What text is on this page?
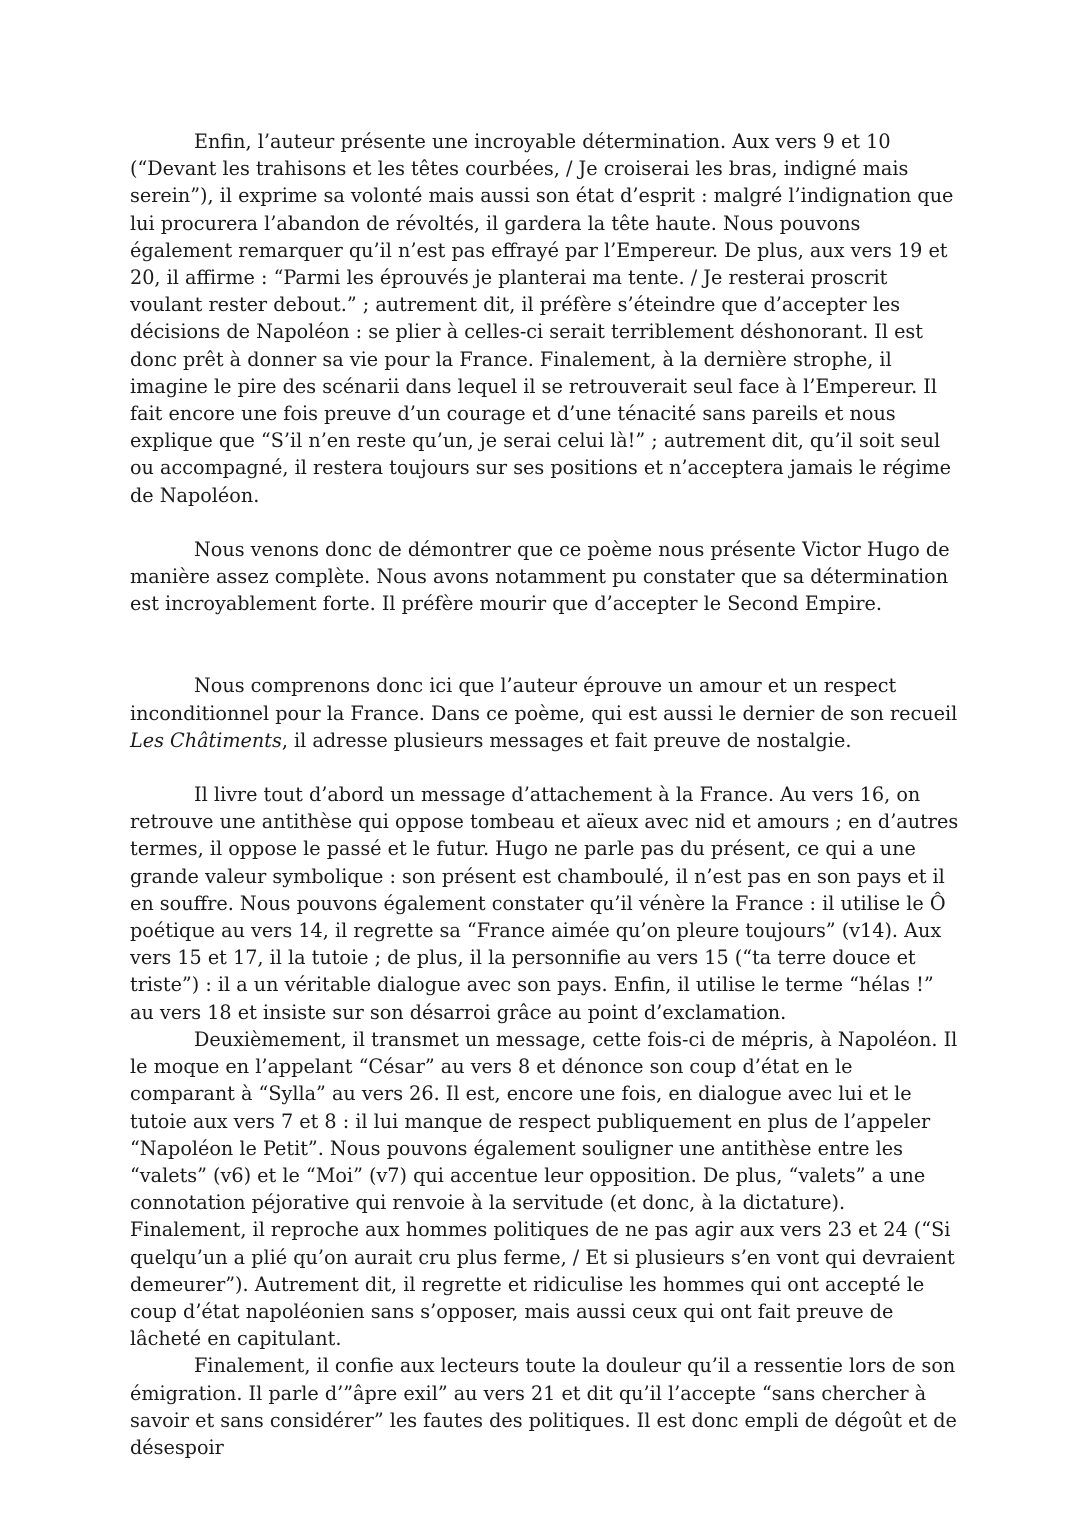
Enfin, l’auteur présente une incroyable détermination. Aux vers 9 et 10 (“Devant les trahisons et les têtes courbées, / Je croiserai les bras, indigné mais serein”), il exprime sa volonté mais aussi son état d’esprit : malgré l’indignation que lui procurera l’abandon de révoltés, il gardera la tête haute. Nous pouvons également remarquer qu’il n’est pas effrayé par l’Empereur. De plus, aux vers 19 et 20, il affirme : “Parmi les éprouvés je planterai ma tente. / Je resterai proscrit voulant rester debout.” ; autrement dit, il préfère s’éteindre que d’accepter les décisions de Napoléon : se plier à celles-ci serait terriblement déshonorant. Il est donc prêt à donner sa vie pour la France. Finalement, à la dernière strophe, il imagine le pire des scénarii dans lequel il se retrouverait seul face à l’Empereur. Il fait encore une fois preuve d’un courage et d’une ténacité sans pareils et nous explique que “S’il n’en reste qu’un, je serai celui là!” ; autrement dit, qu’il soit seul ou accompagné, il restera toujours sur ses positions et n’acceptera jamais le régime de Napoléon.

Nous venons donc de démontrer que ce poème nous présente Victor Hugo de manière assez complète. Nous avons notamment pu constater que sa détermination est incroyablement forte. Il préfère mourir que d’accepter le Second Empire.

Nous comprenons donc ici que l’auteur éprouve un amour et un respect inconditionnel pour la France. Dans ce poème, qui est aussi le dernier de son recueil Les Châtiments, il adresse plusieurs messages et fait preuve de nostalgie.

Il livre tout d’abord un message d’attachement à la France. Au vers 16, on retrouve une antithèse qui oppose tombeau et aïeux avec nid et amours ; en d’autres termes, il oppose le passé et le futur. Hugo ne parle pas du présent, ce qui a une grande valeur symbolique : son présent est chamboulé, il n’est pas en son pays et il en souffre. Nous pouvons également constater qu’il vénère la France : il utilise le Ô poétique au vers 14, il regrette sa “France aimée qu’on pleure toujours” (v14). Aux vers 15 et 17, il la tutoie ; de plus, il la personnifie au vers 15 (“ta terre douce et triste”) : il a un véritable dialogue avec son pays. Enfin, il utilise le terme “hélas !” au vers 18 et insiste sur son désarroi grâce au point d’exclamation.

Deuxièmement, il transmet un message, cette fois-ci de mépris, à Napoléon. Il le moque en l’appelant “César” au vers 8 et dénonce son coup d’état en le comparant à “Sylla” au vers 26. Il est, encore une fois, en dialogue avec lui et le tutoie aux vers 7 et 8 : il lui manque de respect publiquement en plus de l’appeler “Napoléon le Petit”. Nous pouvons également souligner une antithèse entre les “valets” (v6) et le “Moi” (v7) qui accentue leur opposition. De plus, “valets” a une connotation péjorative qui renvoie à la servitude (et donc, à la dictature). Finalement, il reproche aux hommes politiques de ne pas agir aux vers 23 et 24 (“Si quelqu’un a plié qu’on aurait cru plus ferme, / Et si plusieurs s’en vont qui devraient demeurer”). Autrement dit, il regrette et ridiculise les hommes qui ont accepté le coup d’état napoléonien sans s’opposer, mais aussi ceux qui ont fait preuve de lâcheté en capitulant.

Finalement, il confie aux lecteurs toute la douleur qu’il a ressentie lors de son émigration. Il parle d’”âpre exil” au vers 21 et dit qu’il l’accepte “sans chercher à savoir et sans considérer” les fautes des politiques. Il est donc empli de dégoût et de désespoir
